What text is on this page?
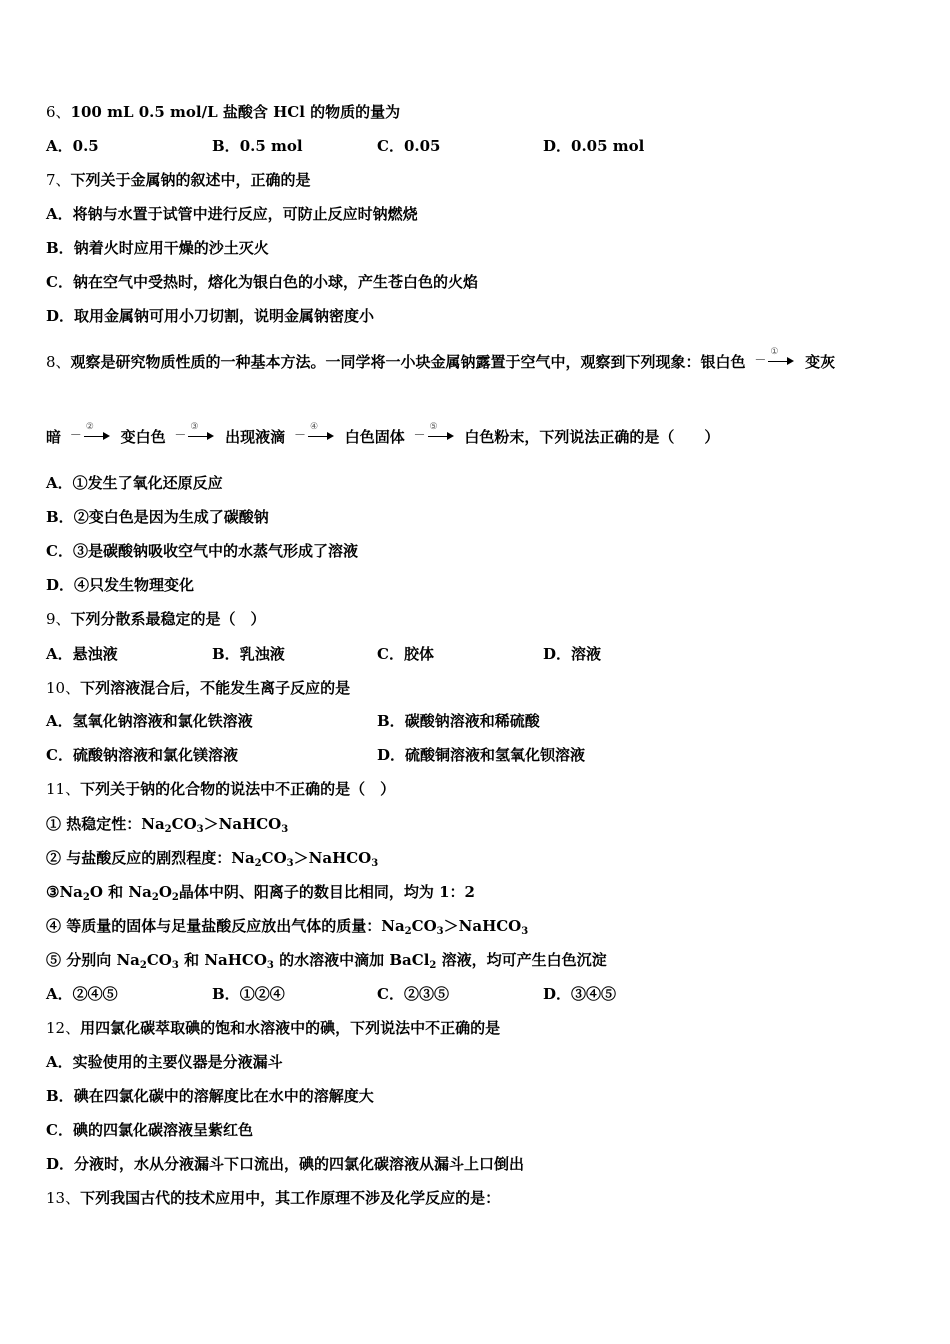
6、100 mL 0.5 mol/L 盐酸含 HCl 的物质的量为
A．0.5	B．0.5 mol	C．0.05	D．0.05 mol
7、下列关于金属钠的叙述中，正确的是
A．将钠与水置于试管中进行反应，可防止反应时钠燃烧
B．钠着火时应用干燥的沙土灭火
C．钠在空气中受热时，熔化为银白色的小球，产生苍白色的火焰
D．取用金属钠可用小刀切割，说明金属钠密度小
8、观察是研究物质性质的一种基本方法。一同学将一小块金属钠露置于空气中，观察到下列现象：银白色 －
①
变灰
暗 －
②
变白色 －
③
出现液滴 －
④
白色固体 －
⑤
白色粉末，下列说法正确的是（　　）
A．①发生了氧化还原反应
B．②变白色是因为生成了碳酸钠
C．③是碳酸钠吸收空气中的水蒸气形成了溶液
D．④只发生物理变化
9、下列分散系最稳定的是（　）
A．悬浊液	B．乳浊液	C．胶体	D．溶液
10、下列溶液混合后，不能发生离子反应的是
A．氢氧化钠溶液和氯化铁溶液	B．碳酸钠溶液和稀硫酸
C．硫酸钠溶液和氯化镁溶液	D．硫酸铜溶液和氢氧化钡溶液
11、下列关于钠的化合物的说法中不正确的是（　）
① 热稳定性：$Na_2CO_3>NaHCO_3$
② 与盐酸反应的剧烈程度：$Na_2CO_3>NaHCO_3$
$③Na_2O$ 和 $Na_2O_2$晶体中阴、阳离子的数目比相同，均为 1：2
④ 等质量的固体与足量盐酸反应放出气体的质量：$Na_2CO_3>NaHCO_3$
⑤ 分别向 $Na_2CO_3$ 和 NaHCO$_3$ 的水溶液中滴加 BaCl$_2$ 溶液，均可产生白色沉淀
A．②④⑤	B．①②④	C．②③⑤	D．③④⑤
12、用四氯化碳萃取碘的饱和水溶液中的碘，下列说法中不正确的是
A．实验使用的主要仪器是分液漏斗
B．碘在四氯化碳中的溶解度比在水中的溶解度大
C．碘的四氯化碳溶液呈紫红色
D．分液时，水从分液漏斗下口流出，碘的四氯化碳溶液从漏斗上口倒出
13、下列我国古代的技术应用中，其工作原理不涉及化学反应的是：
